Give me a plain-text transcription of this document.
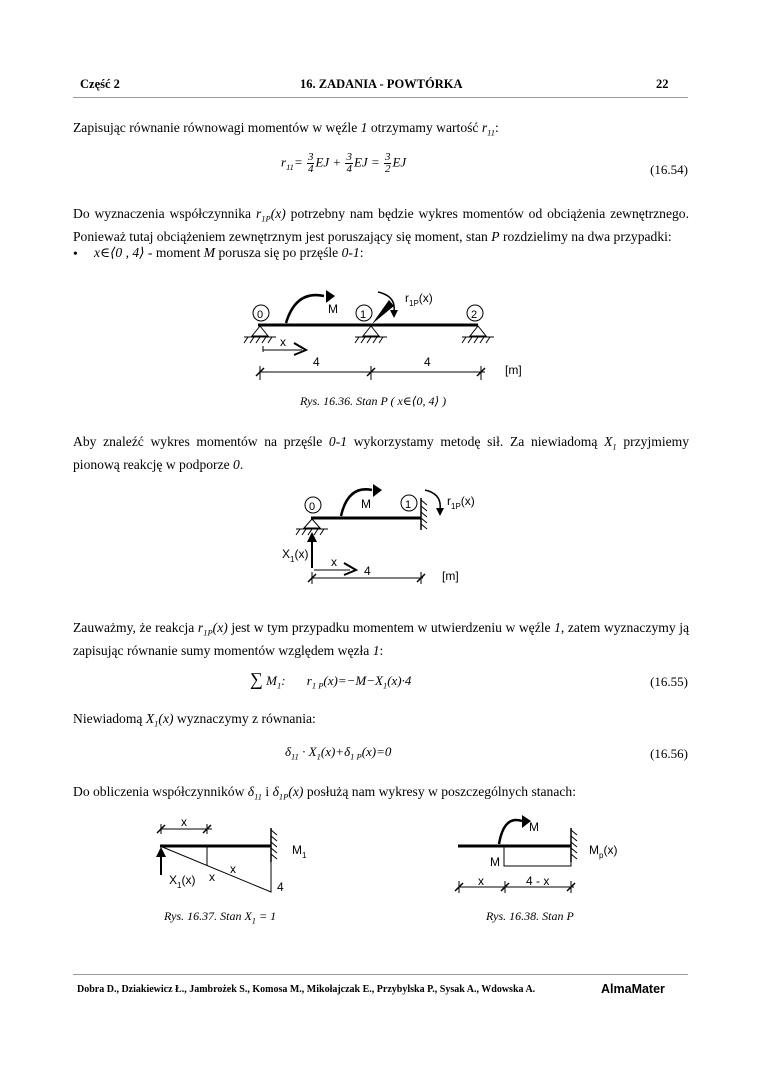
Część 2	16. ZADANIA - POWTÓRKA	22
Zapisując równanie równowagi momentów w węźle 1 otrzymamy wartość $r_{11}$:
$r_{11}= \frac{3}{4}$ EJ + $\frac{3}{4}$ EJ = $\frac{3}{2}$ EJ
(16.54)
Do wyznaczenia współczynnika $r_{1P}(x)$ potrzebny nam będzie wykres momentów od obciążenia zewnętrznego. Ponieważ tutaj obciążeniem zewnętrznym jest poruszający się moment, stan P rozdzielimy na dwa przypadki:
• x∈⟨0 , 4⟩ - moment M porusza się po przęśle 0-1:
0	1	2
M
$r_{1P}(x)$
x
4	4
[m]
Rys. 16.36. Stan P ( x∈⟨0, 4⟩ )
Aby znaleźć wykres momentów na przęśle 0-1 wykorzystamy metodę sił. Za niewiadomą $X_1$ przyjmiemy pionową reakcję w podporze 0.
0	1
M	$r_{1P}(x)$
$X_1(x)$
x
4	[m]
Zauważmy, że reakcja $r_{1P}(x)$ jest w tym przypadku momentem w utwierdzeniu w węźle 1, zatem wyznaczymy ją zapisując równanie sumy momentów względem węzła 1:
∑ $M_1$: $r_{1 P}(x)=-M-X_1(x)\cdot 4$	(16.55)
Niewiadomą $X_1(x)$ wyznaczymy z równania:
$\delta_{11} \cdot X_1(x)+\delta_{1 P}(x)=0$	(16.56)
Do obliczenia współczynników $\delta_{11}$ i $\delta_{1P}(x)$ posłużą nam wykresy w poszczególnych stanach:
x
$X_1(x)$ x
x
4
$M_1$
Rys. 16.37. Stan $X_1 = 1$
M
M
$M_p(x)$
x	4 - x
Rys. 16.38. Stan P
Dobra D., Dziakiewicz Ł., Jambrożek S., Komosa M., Mikołajczak E., Przybylska P., Sysak A., Wdowska A.	AlmaMater
